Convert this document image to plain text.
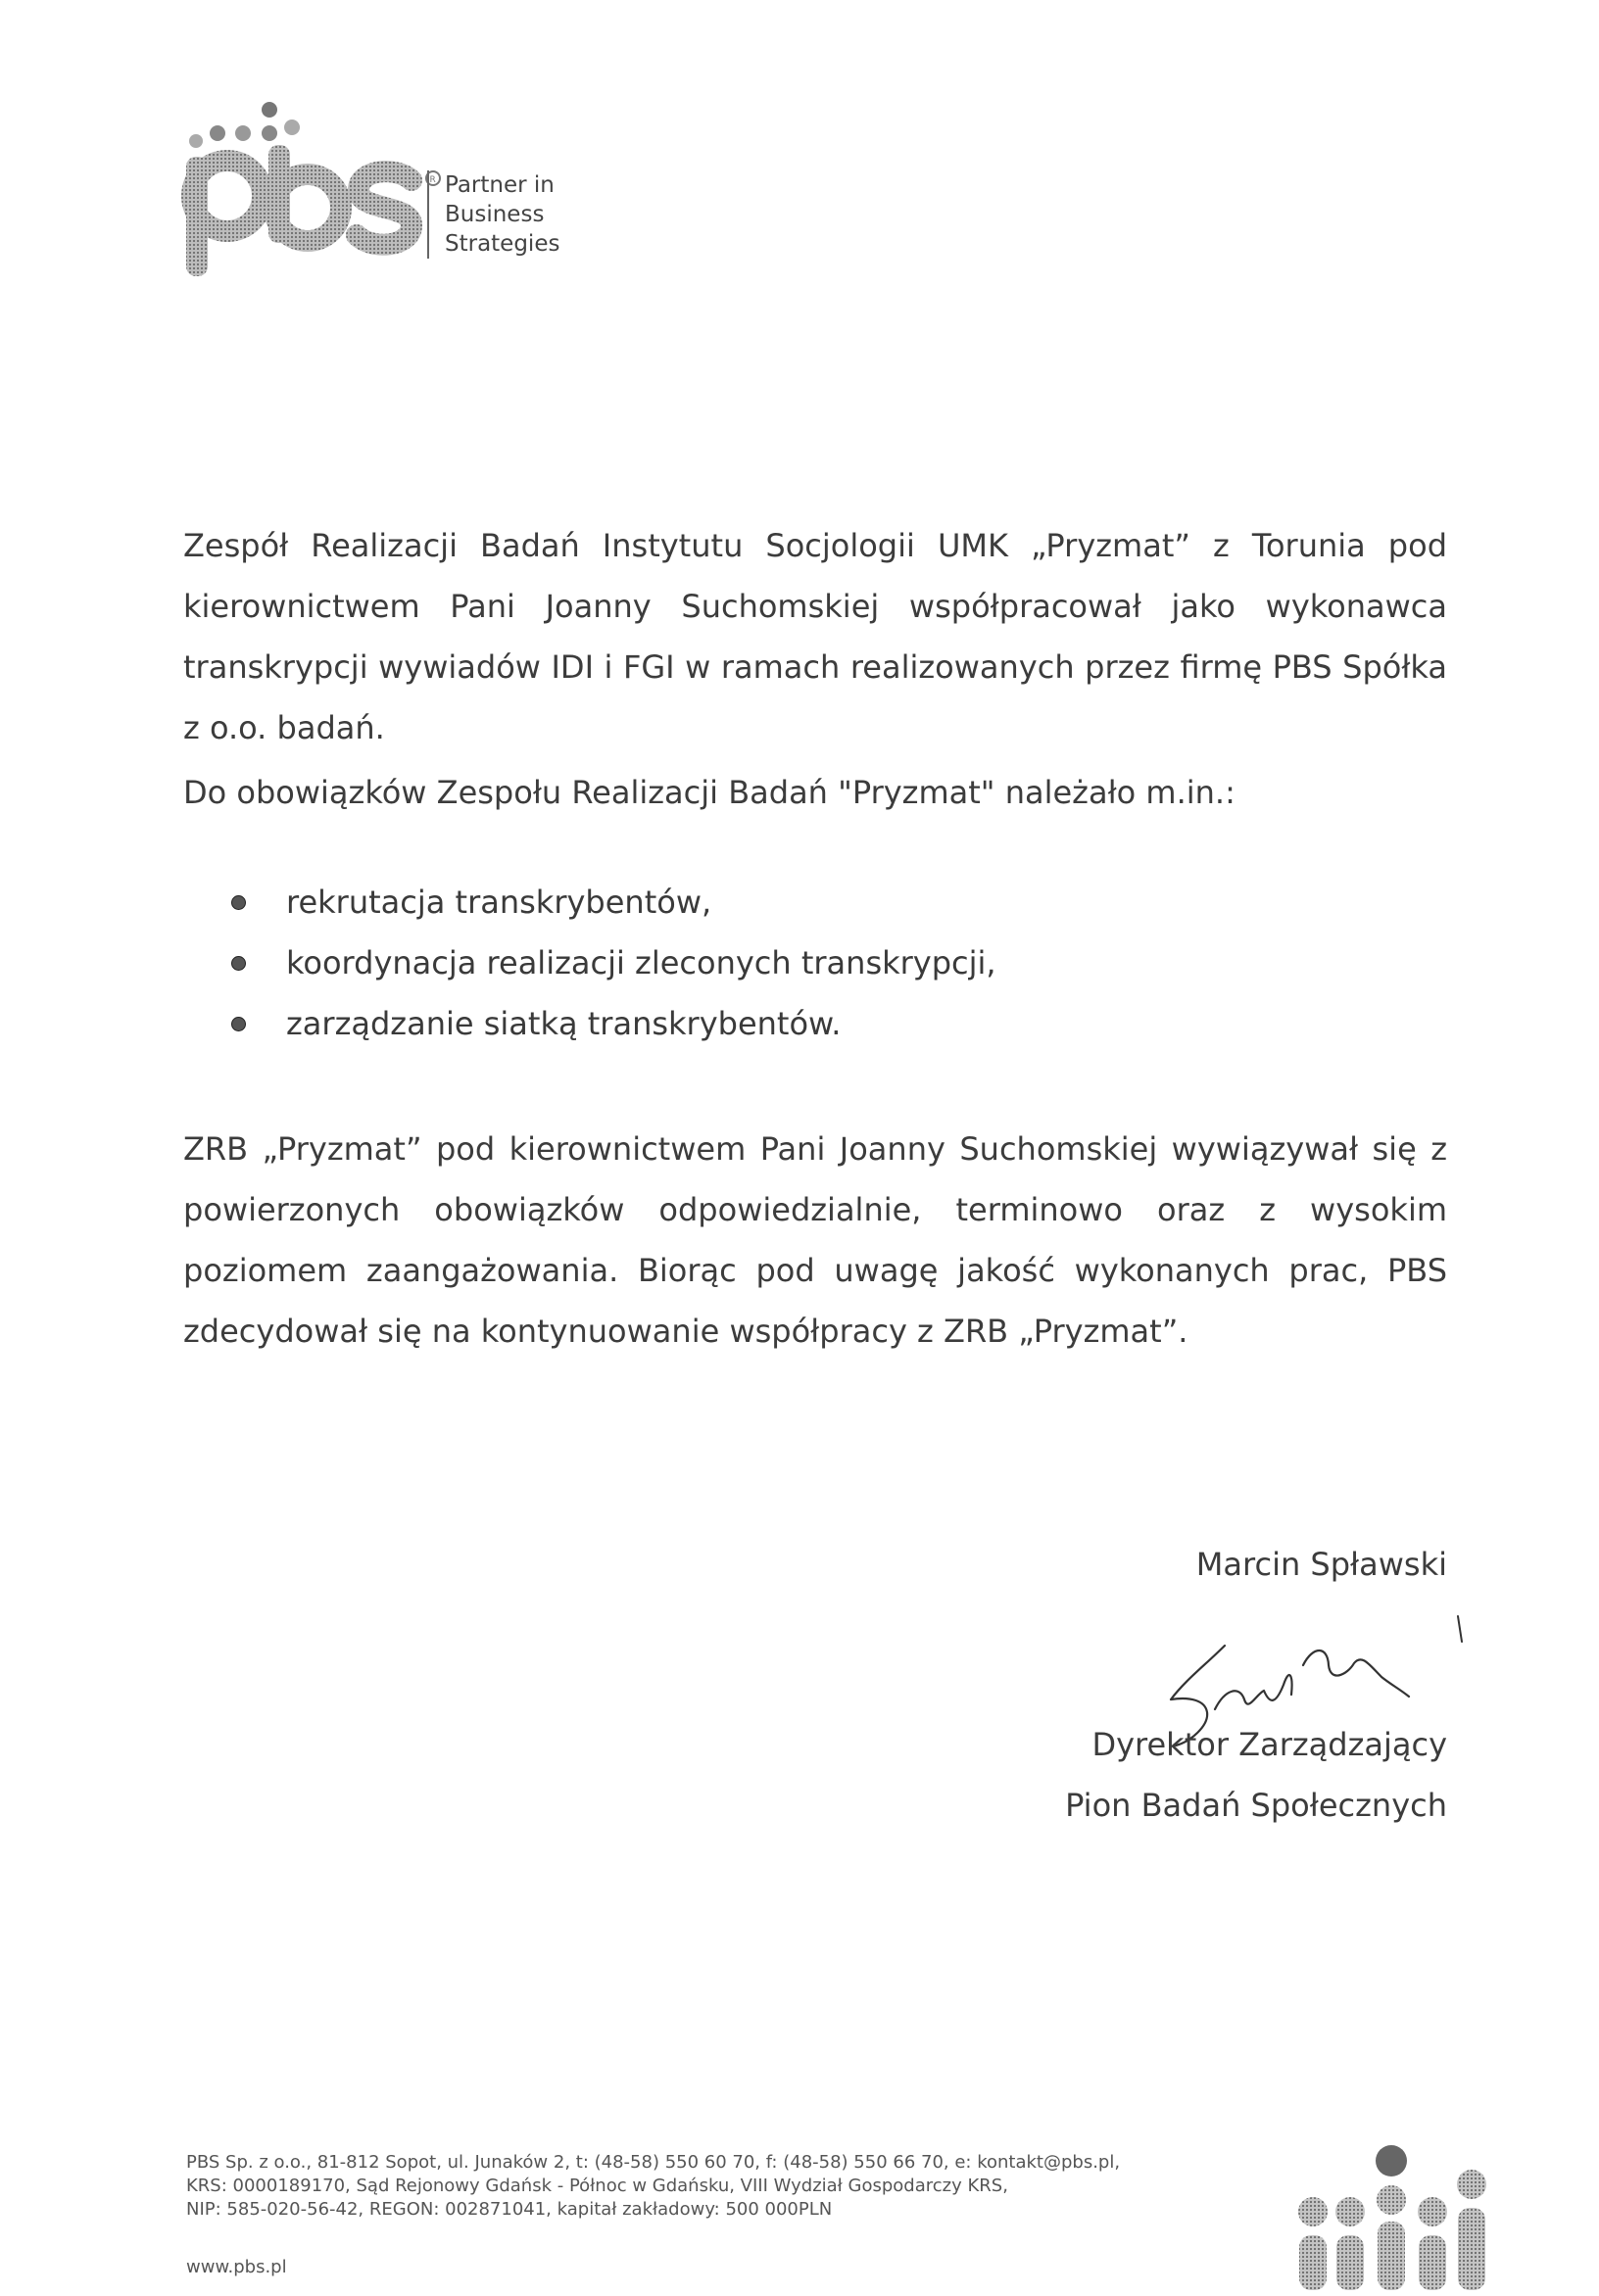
R Partner in
Business
Strategies
Zespół Realizacji Badań Instytutu Socjologii UMK „Pryzmat” z Torunia pod kierownictwem Pani Joanny Suchomskiej współpracował jako wykonawca transkrypcji wywiadów IDI i FGI w ramach realizowanych przez firmę PBS Spółka z o.o. badań.
Do obowiązków Zespołu Realizacji Badań "Pryzmat" należało m.in.:
rekrutacja transkrybentów,
koordynacja realizacji zleconych transkrypcji,
zarządzanie siatką transkrybentów.
ZRB „Pryzmat” pod kierownictwem Pani Joanny Suchomskiej wywiązywał się z powierzonych obowiązków odpowiedzialnie, terminowo oraz z wysokim poziomem zaangażowania. Biorąc pod uwagę jakość wykonanych prac, PBS zdecydował się na kontynuowanie współpracy z ZRB „Pryzmat”.
Marcin Spławski
Dyrektor Zarządzający
Pion Badań Społecznych
PBS Sp. z o.o., 81-812 Sopot, ul. Junaków 2, t: (48-58) 550 60 70, f: (48-58) 550 66 70, e: kontakt@pbs.pl,
KRS: 0000189170, Sąd Rejonowy Gdańsk - Północ w Gdańsku, VIII Wydział Gospodarczy KRS,
NIP: 585-020-56-42, REGON: 002871041, kapitał zakładowy: 500 000PLN
www.pbs.pl
